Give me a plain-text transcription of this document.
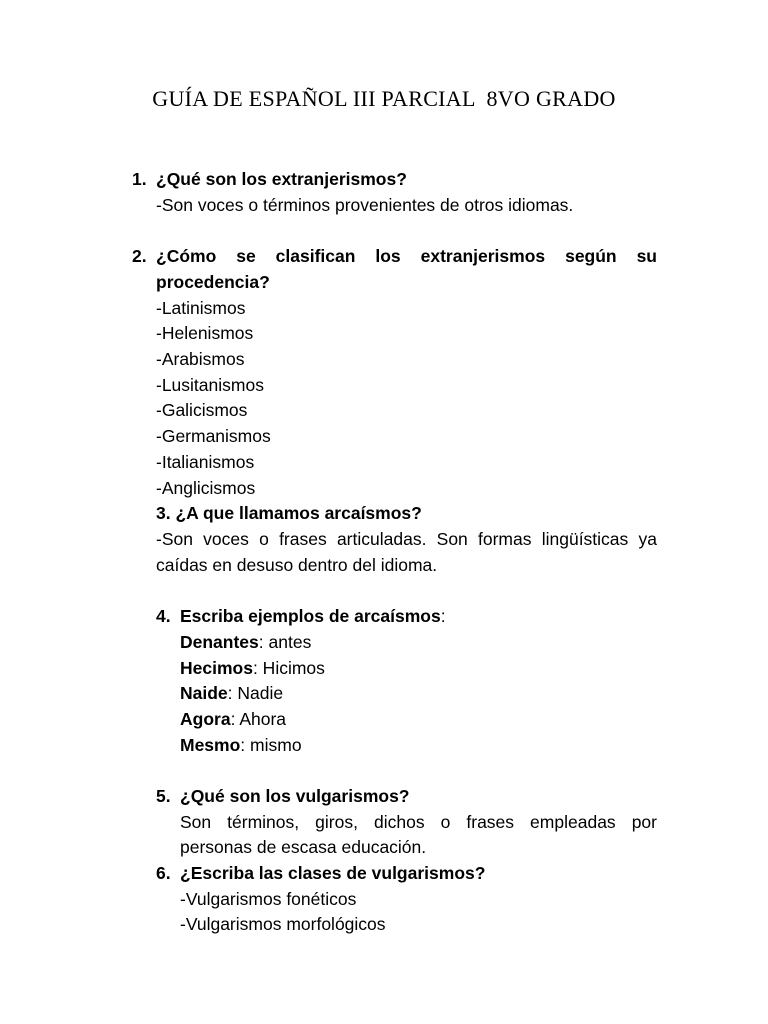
GUÍA DE ESPAÑOL III PARCIAL  8VO GRADO
1. ¿Qué son los extranjerismos?
-Son voces o términos provenientes de otros idiomas.
2. ¿Cómo se clasifican los extranjerismos según su
procedencia?
-Latinismos
-Helenismos
-Arabismos
-Lusitanismos
-Galicismos
-Germanismos
-Italianismos
-Anglicismos
3. ¿A que llamamos arcaísmos?
-Son voces o frases articuladas. Son formas lingüísticas ya
caídas en desuso dentro del idioma.
4. Escriba ejemplos de arcaísmos:
Denantes: antes
Hecimos: Hicimos
Naide: Nadie
Agora: Ahora
Mesmo: mismo
5. ¿Qué son los vulgarismos?
Son términos, giros, dichos o frases empleadas por
personas de escasa educación.
6. ¿Escriba las clases de vulgarismos?
-Vulgarismos fonéticos
-Vulgarismos morfológicos
